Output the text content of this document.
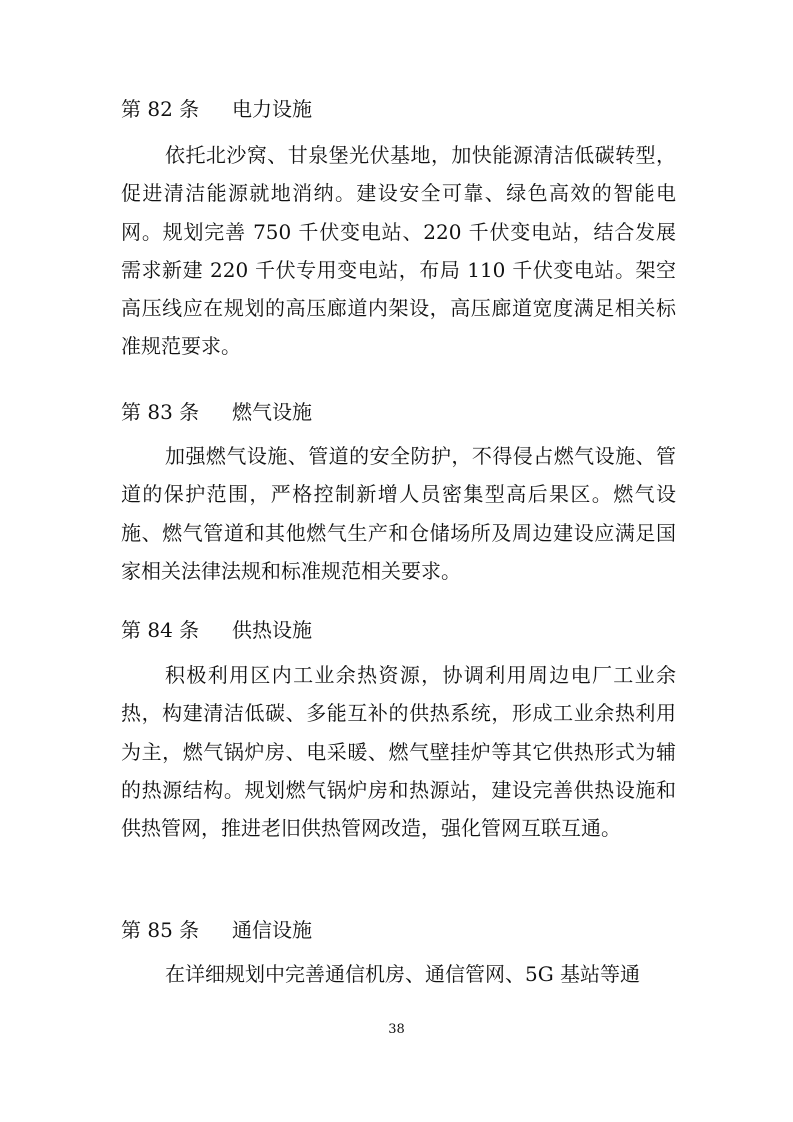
第 82 条 电力设施

依托北沙窝、甘泉堡光伏基地，加快能源清洁低碳转型，促进清洁能源就地消纳。建设安全可靠、绿色高效的智能电网。规划完善 750 千伏变电站、220 千伏变电站，结合发展需求新建 220 千伏专用变电站，布局 110 千伏变电站。架空高压线应在规划的高压廊道内架设，高压廊道宽度满足相关标准规范要求。

第 83 条 燃气设施

加强燃气设施、管道的安全防护，不得侵占燃气设施、管道的保护范围，严格控制新增人员密集型高后果区。燃气设施、燃气管道和其他燃气生产和仓储场所及周边建设应满足国家相关法律法规和标准规范相关要求。

第 84 条 供热设施

积极利用区内工业余热资源，协调利用周边电厂工业余热，构建清洁低碳、多能互补的供热系统，形成工业余热利用为主，燃气锅炉房、电采暖、燃气壁挂炉等其它供热形式为辅的热源结构。规划燃气锅炉房和热源站，建设完善供热设施和供热管网，推进老旧供热管网改造，强化管网互联互通。

第 85 条 通信设施

在详细规划中完善通信机房、通信管网、5G 基站等通

38
